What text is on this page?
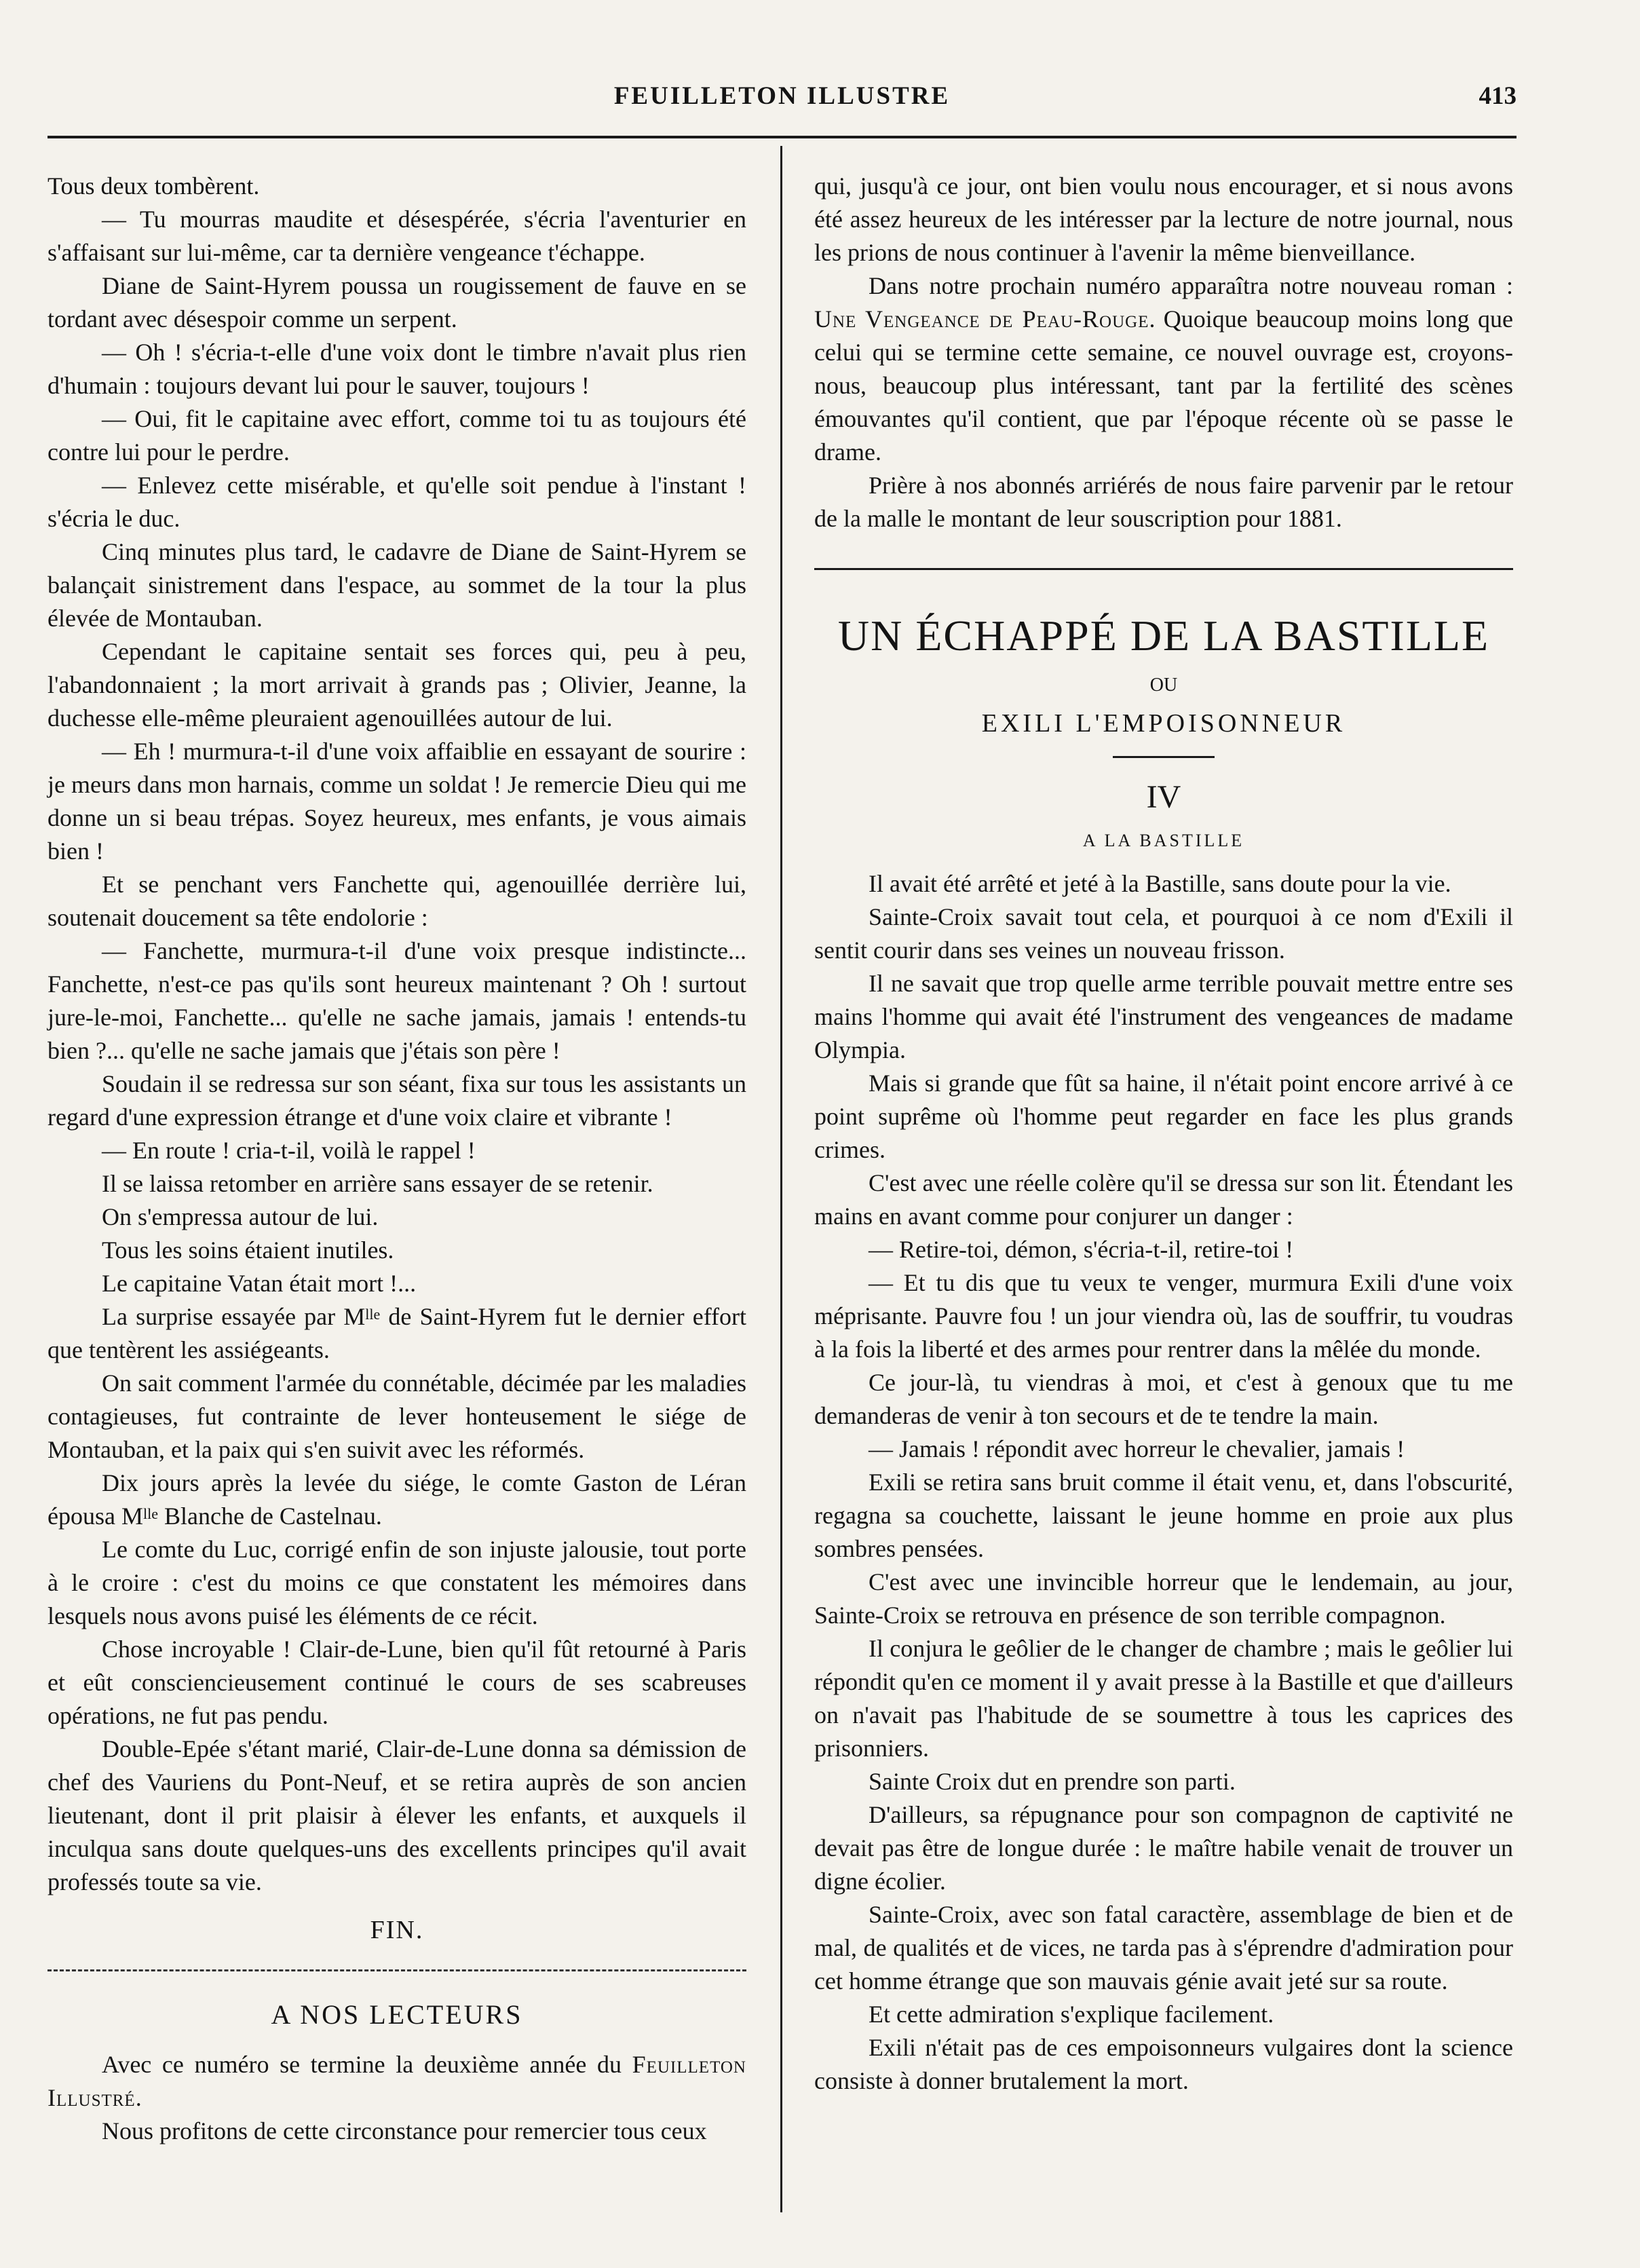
FEUILLETON ILLUSTRE	413

Tous deux tombèrent.

— Tu mourras maudite et désespérée, s'écria l'aventurier en s'affaisant sur lui-même, car ta dernière vengeance t'échappe.

Diane de Saint-Hyrem poussa un rougissement de fauve en se tordant avec désespoir comme un serpent.

— Oh ! s'écria-t-elle d'une voix dont le timbre n'avait plus rien d'humain : toujours devant lui pour le sauver, toujours !

— Oui, fit le capitaine avec effort, comme toi tu as toujours été contre lui pour le perdre.

— Enlevez cette misérable, et qu'elle soit pendue à l'instant ! s'écria le duc.

Cinq minutes plus tard, le cadavre de Diane de Saint-Hyrem se balançait sinistrement dans l'espace, au sommet de la tour la plus élevée de Montauban.

Cependant le capitaine sentait ses forces qui, peu à peu, l'abandonnaient ; la mort arrivait à grands pas ; Olivier, Jeanne, la duchesse elle-même pleuraient agenouillées autour de lui.

— Eh ! murmura-t-il d'une voix affaiblie en essayant de sourire : je meurs dans mon harnais, comme un soldat ! Je remercie Dieu qui me donne un si beau trépas. Soyez heureux, mes enfants, je vous aimais bien !

Et se penchant vers Fanchette qui, agenouillée derrière lui, soutenait doucement sa tête endolorie :

— Fanchette, murmura-t-il d'une voix presque indistincte... Fanchette, n'est-ce pas qu'ils sont heureux maintenant ? Oh ! surtout jure-le-moi, Fanchette... qu'elle ne sache jamais, jamais ! entends-tu bien ?... qu'elle ne sache jamais que j'étais son père !

Soudain il se redressa sur son séant, fixa sur tous les assistants un regard d'une expression étrange et d'une voix claire et vibrante !

— En route ! cria-t-il, voilà le rappel !

Il se laissa retomber en arrière sans essayer de se retenir.

On s'empressa autour de lui.

Tous les soins étaient inutiles.

Le capitaine Vatan était mort !...

La surprise essayée par $M^{lle}$ de Saint-Hyrem fut le dernier effort que tentèrent les assiégeants.

On sait comment l'armée du connétable, décimée par les maladies contagieuses, fut contrainte de lever honteusement le siége de Montauban, et la paix qui s'en suivit avec les réformés.

Dix jours après la levée du siége, le comte Gaston de Léran épousa $M^{lle}$ Blanche de Castelnau.

Le comte du Luc, corrigé enfin de son injuste jalousie, tout porte à le croire : c'est du moins ce que constatent les mémoires dans lesquels nous avons puisé les éléments de ce récit.

Chose incroyable ! Clair-de-Lune, bien qu'il fût retourné à Paris et eût consciencieusement continué le cours de ses scabreuses opérations, ne fut pas pendu.

Double-Epée s'étant marié, Clair-de-Lune donna sa démission de chef des Vauriens du Pont-Neuf, et se retira auprès de son ancien lieutenant, dont il prit plaisir à élever les enfants, et auxquels il inculqua sans doute quelques-uns des excellents principes qu'il avait professés toute sa vie.

FIN.
A NOS LECTEURS

Avec ce numéro se termine la deuxième année du Feuilleton Illustré.

Nous profitons de cette circonstance pour remercier tous ceux

qui, jusqu'à ce jour, ont bien voulu nous encourager, et si nous avons été assez heureux de les intéresser par la lecture de notre journal, nous les prions de nous continuer à l'avenir la même bienveillance.

Dans notre prochain numéro apparaîtra notre nouveau roman : Une Vengeance de Peau-Rouge. Quoique beaucoup moins long que celui qui se termine cette semaine, ce nouvel ouvrage est, croyons-nous, beaucoup plus intéressant, tant par la fertilité des scènes émouvantes qu'il contient, que par l'époque récente où se passe le drame.

Prière à nos abonnés arriérés de nous faire parvenir par le retour de la malle le montant de leur souscription pour 1881.

UN ÉCHAPPÉ DE LA BASTILLE
OU
EXILI L'EMPOISONNEUR
IV
A LA BASTILLE

Il avait été arrêté et jeté à la Bastille, sans doute pour la vie.

Sainte-Croix savait tout cela, et pourquoi à ce nom d'Exili il sentit courir dans ses veines un nouveau frisson.

Il ne savait que trop quelle arme terrible pouvait mettre entre ses mains l'homme qui avait été l'instrument des vengeances de madame Olympia.

Mais si grande que fût sa haine, il n'était point encore arrivé à ce point suprême où l'homme peut regarder en face les plus grands crimes.

C'est avec une réelle colère qu'il se dressa sur son lit. Étendant les mains en avant comme pour conjurer un danger :

— Retire-toi, démon, s'écria-t-il, retire-toi !

— Et tu dis que tu veux te venger, murmura Exili d'une voix méprisante. Pauvre fou ! un jour viendra où, las de souffrir, tu voudras à la fois la liberté et des armes pour rentrer dans la mêlée du monde.

Ce jour-là, tu viendras à moi, et c'est à genoux que tu me demanderas de venir à ton secours et de te tendre la main.

— Jamais ! répondit avec horreur le chevalier, jamais !

Exili se retira sans bruit comme il était venu, et, dans l'obscurité, regagna sa couchette, laissant le jeune homme en proie aux plus sombres pensées.

C'est avec une invincible horreur que le lendemain, au jour, Sainte-Croix se retrouva en présence de son terrible compagnon.

Il conjura le geôlier de le changer de chambre ; mais le geôlier lui répondit qu'en ce moment il y avait presse à la Bastille et que d'ailleurs on n'avait pas l'habitude de se soumettre à tous les caprices des prisonniers.

Sainte Croix dut en prendre son parti.

D'ailleurs, sa répugnance pour son compagnon de captivité ne devait pas être de longue durée : le maître habile venait de trouver un digne écolier.

Sainte-Croix, avec son fatal caractère, assemblage de bien et de mal, de qualités et de vices, ne tarda pas à s'éprendre d'admiration pour cet homme étrange que son mauvais génie avait jeté sur sa route.

Et cette admiration s'explique facilement.

Exili n'était pas de ces empoisonneurs vulgaires dont la science consiste à donner brutalement la mort.
